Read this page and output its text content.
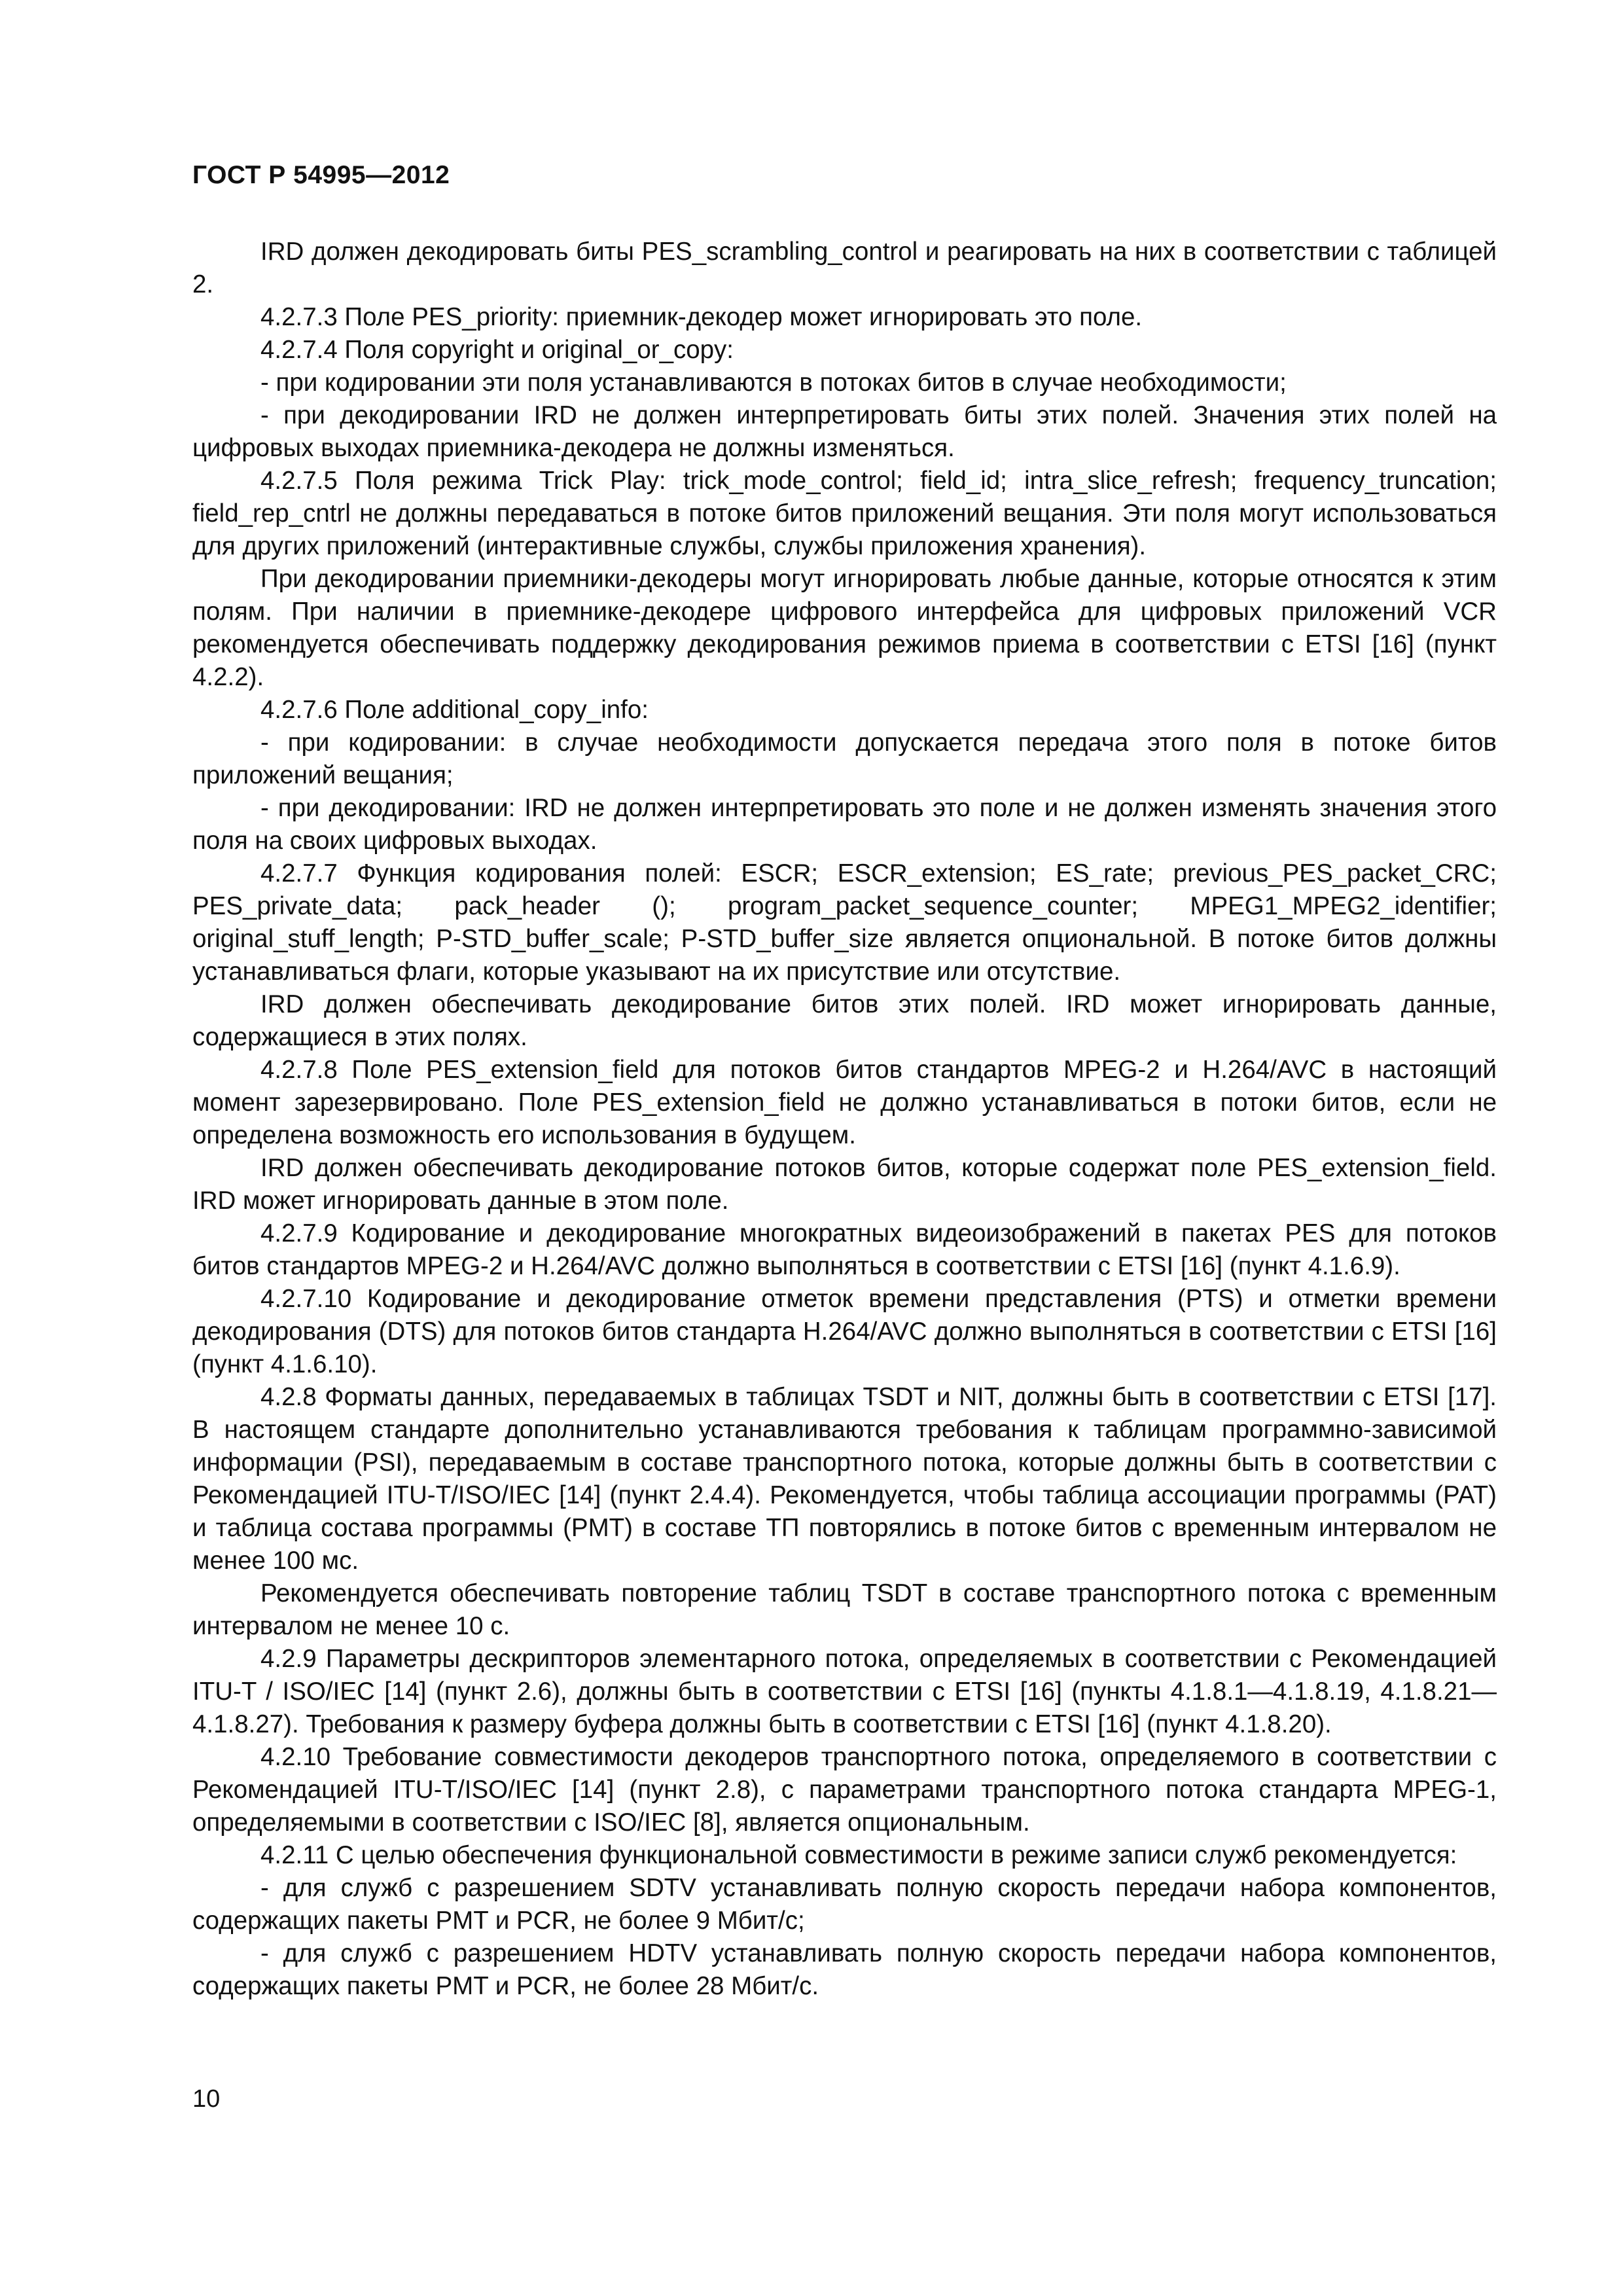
ГОСТ Р 54995—2012

IRD должен декодировать биты PES_scrambling_control и реагировать на них в соответствии с таблицей 2.

4.2.7.3 Поле PES_priority: приемник-декодер может игнорировать это поле.

4.2.7.4 Поля copyright и original_or_copy:

- при кодировании эти поля устанавливаются в потоках битов в случае необходимости;

- при декодировании IRD не должен интерпретировать биты этих полей. Значения этих полей на цифровых выходах приемника-декодера не должны изменяться.

4.2.7.5 Поля режима Trick Play: trick_mode_control; field_id; intra_slice_refresh; frequency_truncation; field_rep_cntrl не должны передаваться в потоке битов приложений вещания. Эти поля могут использоваться для других приложений (интерактивные службы, службы приложения хранения).

При декодировании приемники-декодеры могут игнорировать любые данные, которые относятся к этим полям. При наличии в приемнике-декодере цифрового интерфейса для цифровых приложений VCR рекомендуется обеспечивать поддержку декодирования режимов приема в соответствии с ETSI [16] (пункт 4.2.2).

4.2.7.6 Поле additional_copy_info:

- при кодировании: в случае необходимости допускается передача этого поля в потоке битов приложений вещания;

- при декодировании: IRD не должен интерпретировать это поле и не должен изменять значения этого поля на своих цифровых выходах.

4.2.7.7 Функция кодирования полей: ESCR; ESCR_extension; ES_rate; previous_PES_packet_CRC; PES_private_data; pack_header (); program_packet_sequence_counter; MPEG1_MPEG2_identifier; original_stuff_length; P-STD_buffer_scale; P-STD_buffer_size является опциональной. В потоке битов должны устанавливаться флаги, которые указывают на их присутствие или отсутствие.

IRD должен обеспечивать декодирование битов этих полей. IRD может игнорировать данные, содержащиеся в этих полях.

4.2.7.8 Поле PES_extension_field для потоков битов стандартов MPEG-2 и H.264/AVC в настоящий момент зарезервировано. Поле PES_extension_field не должно устанавливаться в потоки битов, если не определена возможность его использования в будущем.

IRD должен обеспечивать декодирование потоков битов, которые содержат поле PES_extension_field. IRD может игнорировать данные в этом поле.

4.2.7.9 Кодирование и декодирование многократных видеоизображений в пакетах PES для потоков битов стандартов MPEG-2 и H.264/AVC должно выполняться в соответствии с ETSI [16] (пункт 4.1.6.9).

4.2.7.10 Кодирование и декодирование отметок времени представления (PTS) и отметки времени декодирования (DTS) для потоков битов стандарта H.264/AVC должно выполняться в соответствии с ETSI [16] (пункт 4.1.6.10).

4.2.8 Форматы данных, передаваемых в таблицах TSDT и NIT, должны быть в соответствии с ETSI [17]. В настоящем стандарте дополнительно устанавливаются требования к таблицам программно-зависимой информации (PSI), передаваемым в составе транспортного потока, которые должны быть в соответствии с Рекомендацией ITU-T/ISO/IEC [14] (пункт 2.4.4). Рекомендуется, чтобы таблица ассоциации программы (PAT) и таблица состава программы (PMT) в составе ТП повторялись в потоке битов с временным интервалом не менее 100 мс.

Рекомендуется обеспечивать повторение таблиц TSDT в составе транспортного потока с временным интервалом не менее 10 с.

4.2.9 Параметры дескрипторов элементарного потока, определяемых в соответствии с Рекомендацией ITU-T / ISO/IEC [14] (пункт 2.6), должны быть в соответствии с ETSI [16] (пункты 4.1.8.1—4.1.8.19, 4.1.8.21—4.1.8.27). Требования к размеру буфера должны быть в соответствии с ETSI [16] (пункт 4.1.8.20).

4.2.10 Требование совместимости декодеров транспортного потока, определяемого в соответствии с Рекомендацией ITU-T/ISO/IEC [14] (пункт 2.8), с параметрами транспортного потока стандарта MPEG-1, определяемыми в соответствии с ISO/IEC [8], является опциональным.

4.2.11 С целью обеспечения функциональной совместимости в режиме записи служб рекомендуется:

- для служб с разрешением SDTV устанавливать полную скорость передачи набора компонентов, содержащих пакеты PMT и PCR, не более 9 Мбит/с;

- для служб с разрешением HDTV устанавливать полную скорость передачи набора компонентов, содержащих пакеты PMT и PCR, не более 28 Мбит/с.

10
